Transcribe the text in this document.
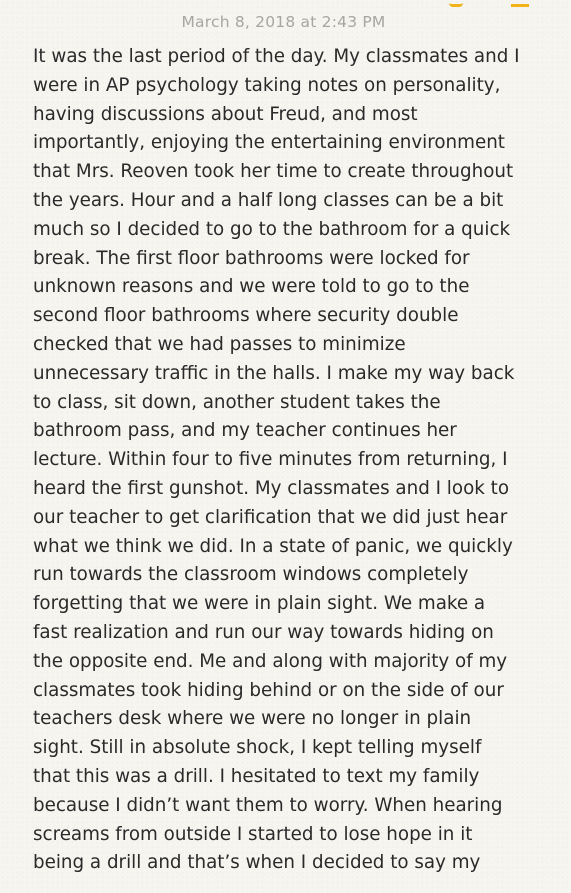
March 8, 2018 at 2:43 PM
It was the last period of the day. My classmates and I
were in AP psychology taking notes on personality,
having discussions about Freud, and most
importantly, enjoying the entertaining environment
that Mrs. Reoven took her time to create throughout
the years. Hour and a half long classes can be a bit
much so I decided to go to the bathroom for a quick
break. The first floor bathrooms were locked for
unknown reasons and we were told to go to the
second floor bathrooms where security double
checked that we had passes to minimize
unnecessary traffic in the halls. I make my way back
to class, sit down, another student takes the
bathroom pass, and my teacher continues her
lecture. Within four to five minutes from returning, I
heard the first gunshot. My classmates and I look to
our teacher to get clarification that we did just hear
what we think we did. In a state of panic, we quickly
run towards the classroom windows completely
forgetting that we were in plain sight. We make a
fast realization and run our way towards hiding on
the opposite end. Me and along with majority of my
classmates took hiding behind or on the side of our
teachers desk where we were no longer in plain
sight. Still in absolute shock, I kept telling myself
that this was a drill. I hesitated to text my family
because I didn’t want them to worry. When hearing
screams from outside I started to lose hope in it
being a drill and that’s when I decided to say my
